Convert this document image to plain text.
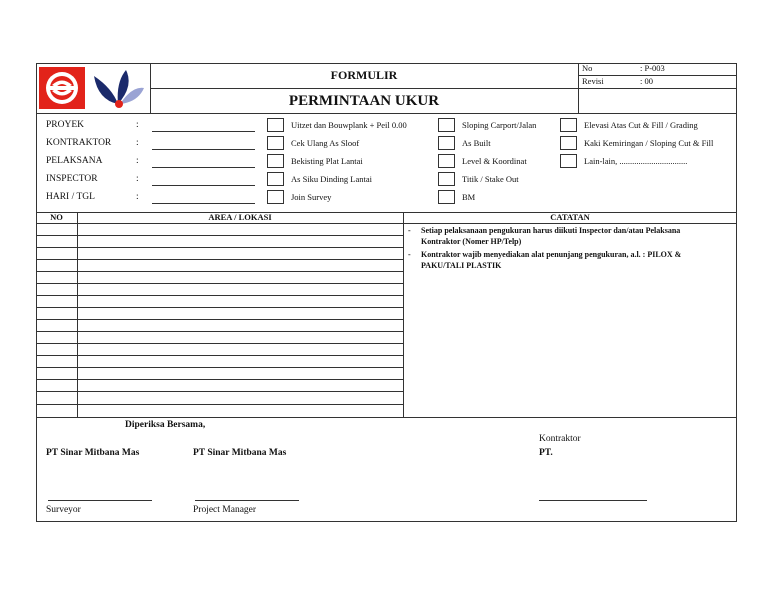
FORMULIR
PERMINTAAN UKUR
No	: P-003
Revisi	: 00
PROYEK	:
KONTRAKTOR	:
PELAKSANA	:
INSPECTOR	:
HARI / TGL	:
Uitzet dan Bouwplank + Peil 0.00
Cek Ulang As Sloof
Bekisting Plat Lantai
As Siku Dinding Lantai
Join Survey
Sloping Carport/Jalan
As Built
Level & Koordinat
Titik / Stake Out
BM
Elevasi Atas Cut & Fill / Grading
Kaki Kemiringan / Sloping Cut & Fill
Lain-lain, ................................
NO	AREA / LOKASI	CATATAN
- Setiap pelaksanaan pengukuran harus diikuti Inspector dan/atau Pelaksana
Kontraktor (Nomer HP/Telp)
- Kontraktor wajib menyediakan alat penunjang pengukuran, a.l. : PILOX &
PAKU/TALI PLASTIK
Diperiksa Bersama,
PT Sinar Mitbana Mas	PT Sinar Mitbana Mas
Kontraktor
PT.
Surveyor	Project Manager
